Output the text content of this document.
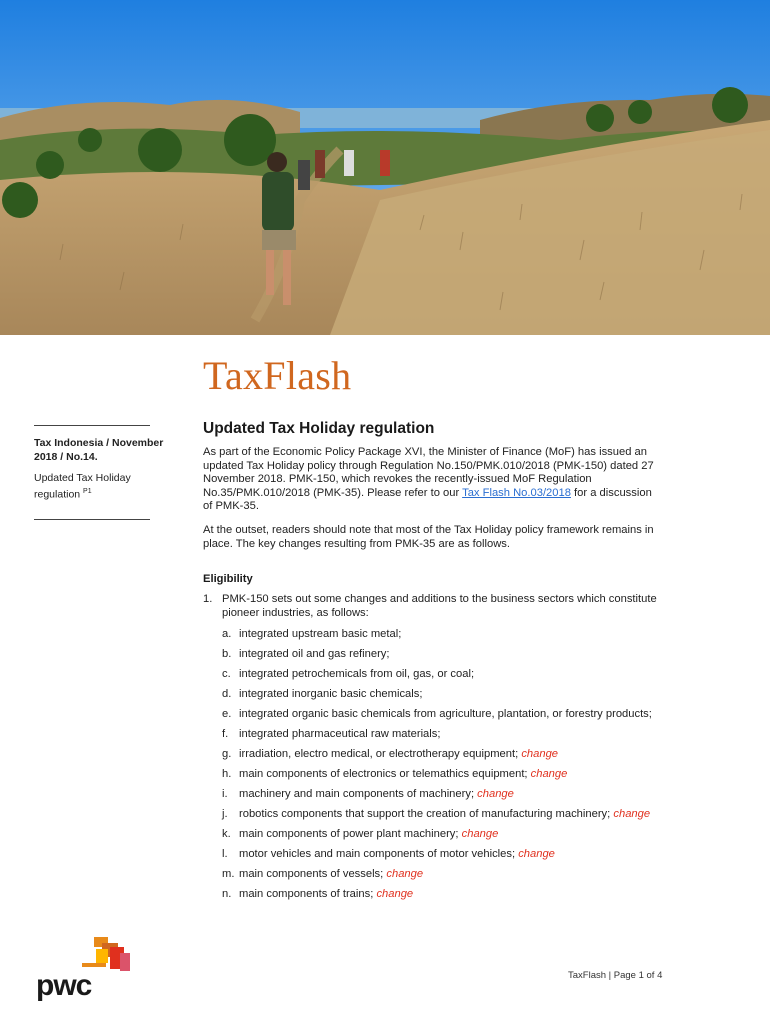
TaxFlash
Tax Indonesia / November 2018 / No.14.
Updated Tax Holiday regulation $^{P1}$
Updated Tax Holiday regulation

As part of the Economic Policy Package XVI, the Minister of Finance (MoF) has issued an updated Tax Holiday policy through Regulation No.150/PMK.010/2018 (PMK-150) dated 27 November 2018. PMK-150, which revokes the recently-issued MoF Regulation No.35/PMK.010/2018 (PMK-35). Please refer to our Tax Flash No.03/2018 for a discussion of PMK-35.

At the outset, readers should note that most of the Tax Holiday policy framework remains in place. The key changes resulting from PMK-35 are as follows.

Eligibility
1. PMK-150 sets out some changes and additions to the business sectors which constitute pioneer industries, as follows:
a. integrated upstream basic metal;
b. integrated oil and gas refinery;
c. integrated petrochemicals from oil, gas, or coal;
d. integrated inorganic basic chemicals;
e. integrated organic basic chemicals from agriculture, plantation, or forestry products;
f. integrated pharmaceutical raw materials;
g. irradiation, electro medical, or electrotherapy equipment; change
h. main components of electronics or telemathics equipment; change
i.	machinery and main components of machinery; change
j.	robotics components that support the creation of manufacturing machinery; change
k. main components of power plant machinery; change
l.	motor vehicles and main components of motor vehicles; change
m. main components of vessels; change
n. main components of trains; change
pwc	TaxFlash | Page 1 of 4
